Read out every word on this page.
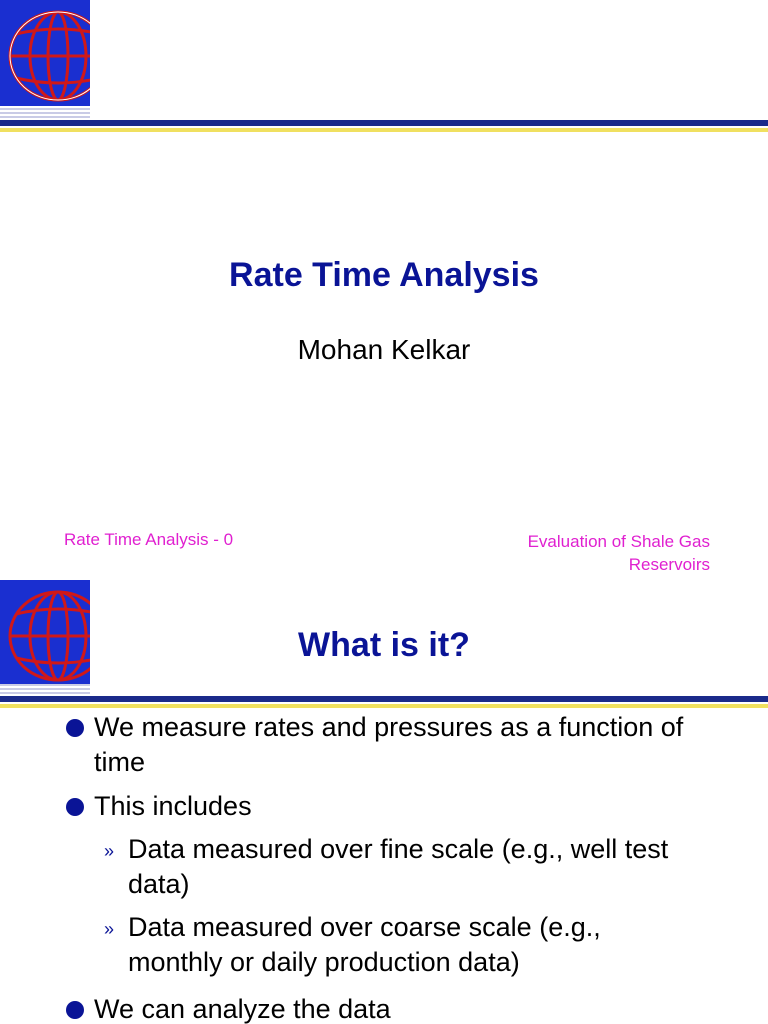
Rate Time Analysis
Mohan Kelkar
Rate Time Analysis - 0	Evaluation of Shale Gas
Reservoirs
What is it?
We measure rates and pressures as a function of time
This includes
» Data measured over fine scale (e.g., well test data)
» Data measured over coarse scale (e.g., monthly or daily production data)
We can analyze the data
